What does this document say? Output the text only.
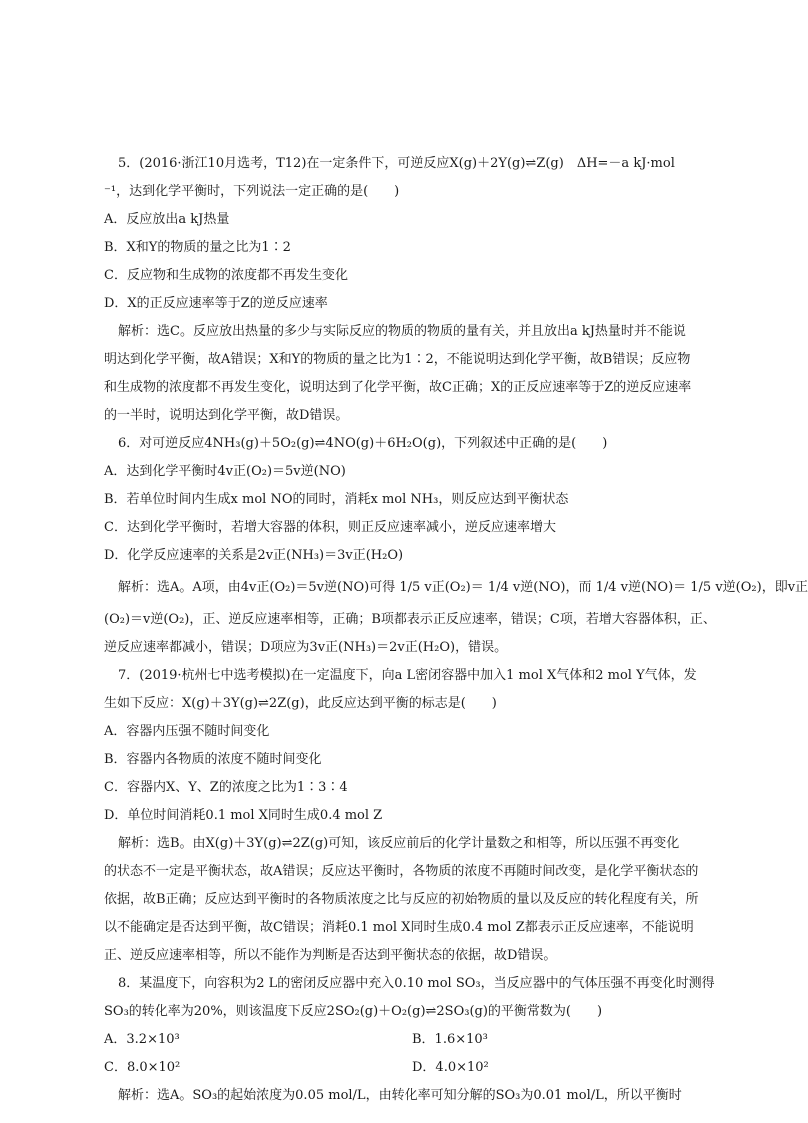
5．(2016·浙江10月选考，T12)在一定条件下，可逆反应X(g)＋2Y(g)⇌Z(g)　ΔH=－a kJ·mol
⁻¹，达到化学平衡时，下列说法一定正确的是(　　)
A．反应放出a kJ热量
B．X和Y的物质的量之比为1∶2
C．反应物和生成物的浓度都不再发生变化
D．X的正反应速率等于Z的逆反应速率
解析：选C。反应放出热量的多少与实际反应的物质的物质的量有关，并且放出a kJ热量时并不能说
明达到化学平衡，故A错误；X和Y的物质的量之比为1∶2，不能说明达到化学平衡，故B错误；反应物
和生成物的浓度都不再发生变化，说明达到了化学平衡，故C正确；X的正反应速率等于Z的逆反应速率
的一半时，说明达到化学平衡，故D错误。
6．对可逆反应4NH₃(g)＋5O₂(g)⇌4NO(g)＋6H₂O(g)，下列叙述中正确的是(　　)
A．达到化学平衡时4v正(O₂)＝5v逆(NO)
B．若单位时间内生成x mol NO的同时，消耗x mol NH₃，则反应达到平衡状态
C．达到化学平衡时，若增大容器的体积，则正反应速率减小，逆反应速率增大
D．化学反应速率的关系是2v正(NH₃)＝3v正(H₂O)
解析：选A。A项，由4v正(O₂)＝5v逆(NO)可得 1/5 v正(O₂)＝ 1/4 v逆(NO)，而 1/4 v逆(NO)＝ 1/5 v逆(O₂)，即v正
(O₂)＝v逆(O₂)，正、逆反应速率相等，正确；B项都表示正反应速率，错误；C项，若增大容器体积，正、
逆反应速率都减小，错误；D项应为3v正(NH₃)＝2v正(H₂O)，错误。
7．(2019·杭州七中选考模拟)在一定温度下，向a L密闭容器中加入1 mol X气体和2 mol Y气体，发
生如下反应：X(g)＋3Y(g)⇌2Z(g)，此反应达到平衡的标志是(　　)
A．容器内压强不随时间变化
B．容器内各物质的浓度不随时间变化
C．容器内X、Y、Z的浓度之比为1∶3∶4
D．单位时间消耗0.1 mol X同时生成0.4 mol Z
解析：选B。由X(g)＋3Y(g)⇌2Z(g)可知，该反应前后的化学计量数之和相等，所以压强不再变化
的状态不一定是平衡状态，故A错误；反应达平衡时，各物质的浓度不再随时间改变，是化学平衡状态的
依据，故B正确；反应达到平衡时的各物质浓度之比与反应的初始物质的量以及反应的转化程度有关，所
以不能确定是否达到平衡，故C错误；消耗0.1 mol X同时生成0.4 mol Z都表示正反应速率，不能说明
正、逆反应速率相等，所以不能作为判断是否达到平衡状态的依据，故D错误。
8．某温度下，向容积为2 L的密闭反应器中充入0.10 mol SO₃，当反应器中的气体压强不再变化时测得
SO₃的转化率为20%，则该温度下反应2SO₂(g)＋O₂(g)⇌2SO₃(g)的平衡常数为(　　)
A．3.2×10³	B．1.6×10³
C．8.0×10²	D．4.0×10²
解析：选A。SO₃的起始浓度为0.05 mol/L，由转化率可知分解的SO₃为0.01 mol/L，所以平衡时
